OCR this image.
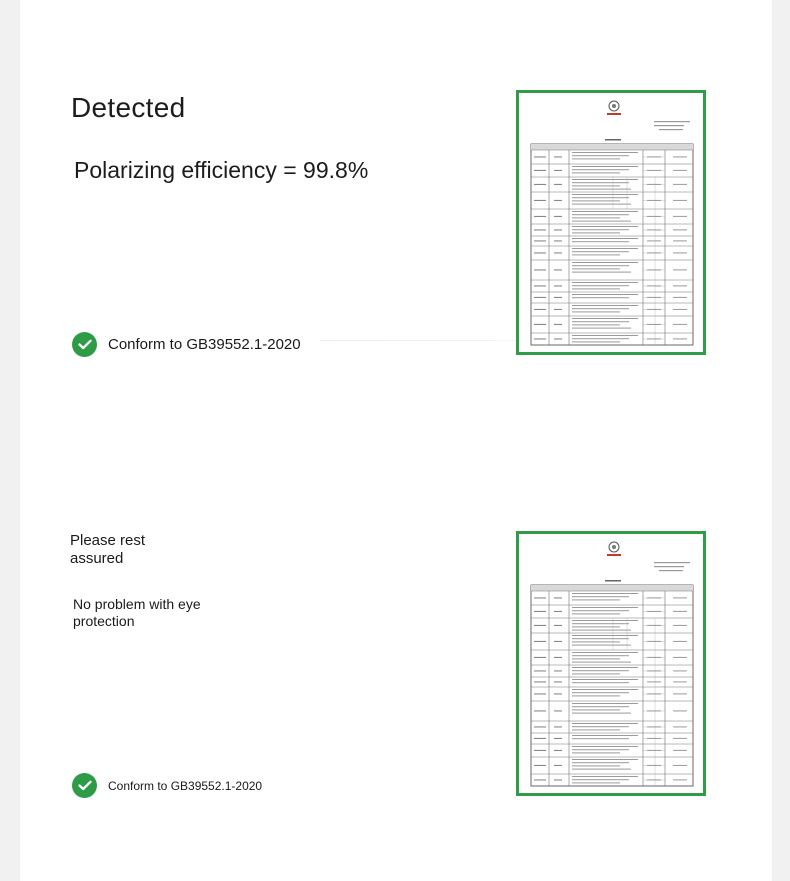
Detected
Polarizing efficiency = 99.8%
Conform to GB39552.1-2020
Please rest assured
No problem with eye protection
Conform to GB39552.1-2020
